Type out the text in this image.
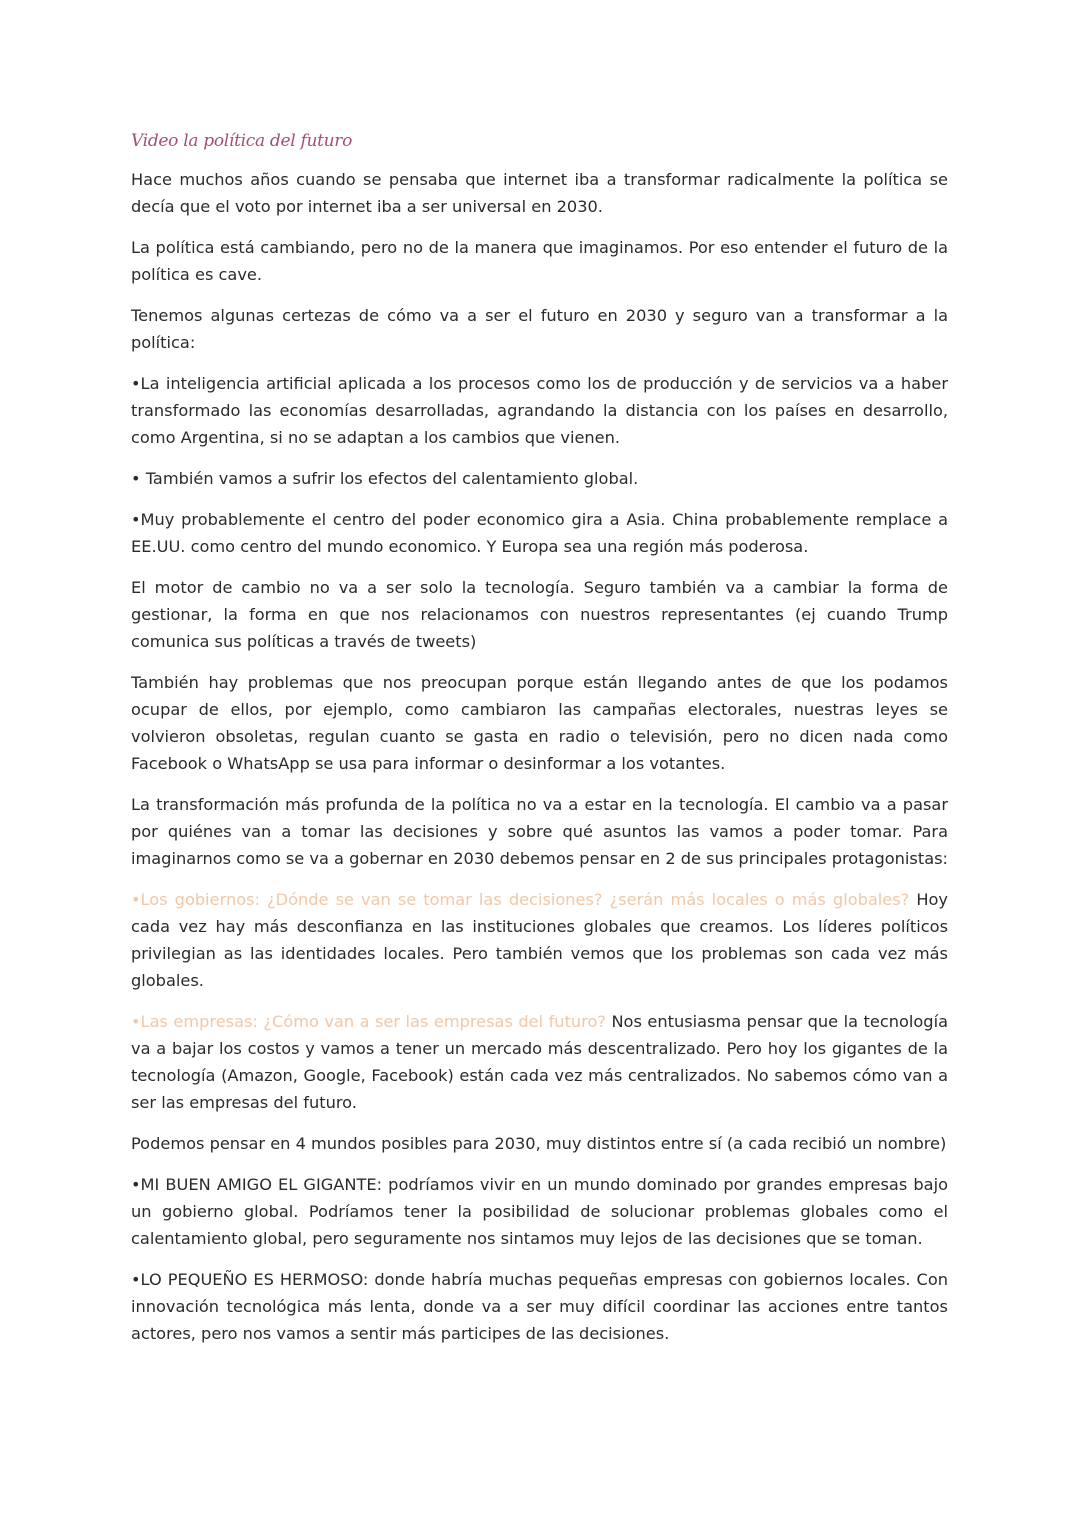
Video la política del futuro

Hace muchos años cuando se pensaba que internet iba a transformar radicalmente la política se decía que el voto por internet iba a ser universal en 2030.

La política está cambiando, pero no de la manera que imaginamos. Por eso entender el futuro de la política es cave.

Tenemos algunas certezas de cómo va a ser el futuro en 2030 y seguro van a transformar a la política:

•La inteligencia artificial aplicada a los procesos como los de producción y de servicios va a haber transformado las economías desarrolladas, agrandando la distancia con los países en desarrollo, como Argentina, si no se adaptan a los cambios que vienen.

• También vamos a sufrir los efectos del calentamiento global.

•Muy probablemente el centro del poder economico gira a Asia. China probablemente remplace a EE.UU. como centro del mundo economico. Y Europa sea una región más poderosa.

El motor de cambio no va a ser solo la tecnología. Seguro también va a cambiar la forma de gestionar, la forma en que nos relacionamos con nuestros representantes (ej cuando Trump comunica sus políticas a través de tweets)

También hay problemas que nos preocupan porque están llegando antes de que los podamos ocupar de ellos, por ejemplo, como cambiaron las campañas electorales, nuestras leyes se volvieron obsoletas, regulan cuanto se gasta en radio o televisión, pero no dicen nada como Facebook o WhatsApp se usa para informar o desinformar a los votantes.

La transformación más profunda de la política no va a estar en la tecnología. El cambio va a pasar por quiénes van a tomar las decisiones y sobre qué asuntos las vamos a poder tomar. Para imaginarnos como se va a gobernar en 2030 debemos pensar en 2 de sus principales protagonistas:

•Los gobiernos: ¿Dónde se van se tomar las decisiones? ¿serán más locales o más globales? Hoy cada vez hay más desconfianza en las instituciones globales que creamos. Los líderes políticos privilegian as las identidades locales. Pero también vemos que los problemas son cada vez más globales.

•Las empresas: ¿Cómo van a ser las empresas del futuro? Nos entusiasma pensar que la tecnología va a bajar los costos y vamos a tener un mercado más descentralizado. Pero hoy los gigantes de la tecnología (Amazon, Google, Facebook) están cada vez más centralizados. No sabemos cómo van a ser las empresas del futuro.

Podemos pensar en 4 mundos posibles para 2030, muy distintos entre sí (a cada recibió un nombre)

•MI BUEN AMIGO EL GIGANTE: podríamos vivir en un mundo dominado por grandes empresas bajo un gobierno global. Podríamos tener la posibilidad de solucionar problemas globales como el calentamiento global, pero seguramente nos sintamos muy lejos de las decisiones que se toman.

•LO PEQUEÑO ES HERMOSO: donde habría muchas pequeñas empresas con gobiernos locales. Con innovación tecnológica más lenta, donde va a ser muy difícil coordinar las acciones entre tantos actores, pero nos vamos a sentir más participes de las decisiones.
